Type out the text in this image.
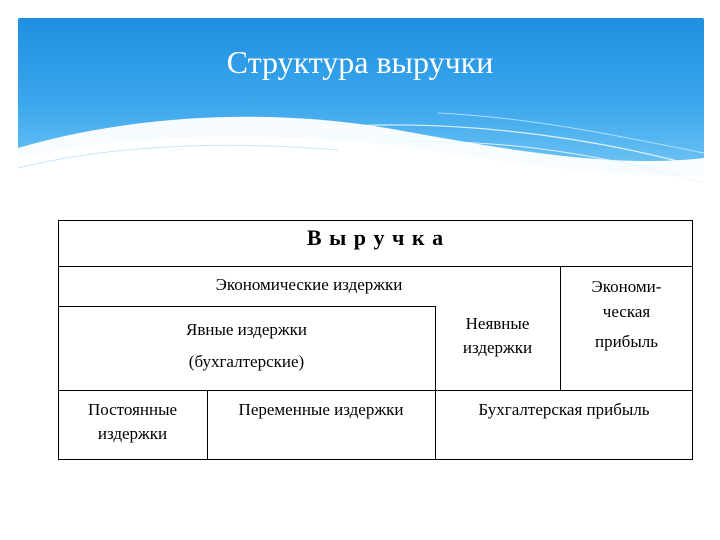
Структура выручки
В ы р у ч к а
Экономические издержки
Явные издержки
(бухгалтерские)
Неявные
издержки
Экономи-
ческая
прибыль
Постоянные
издержки
Переменные издержки	Бухгалтерская прибыль
